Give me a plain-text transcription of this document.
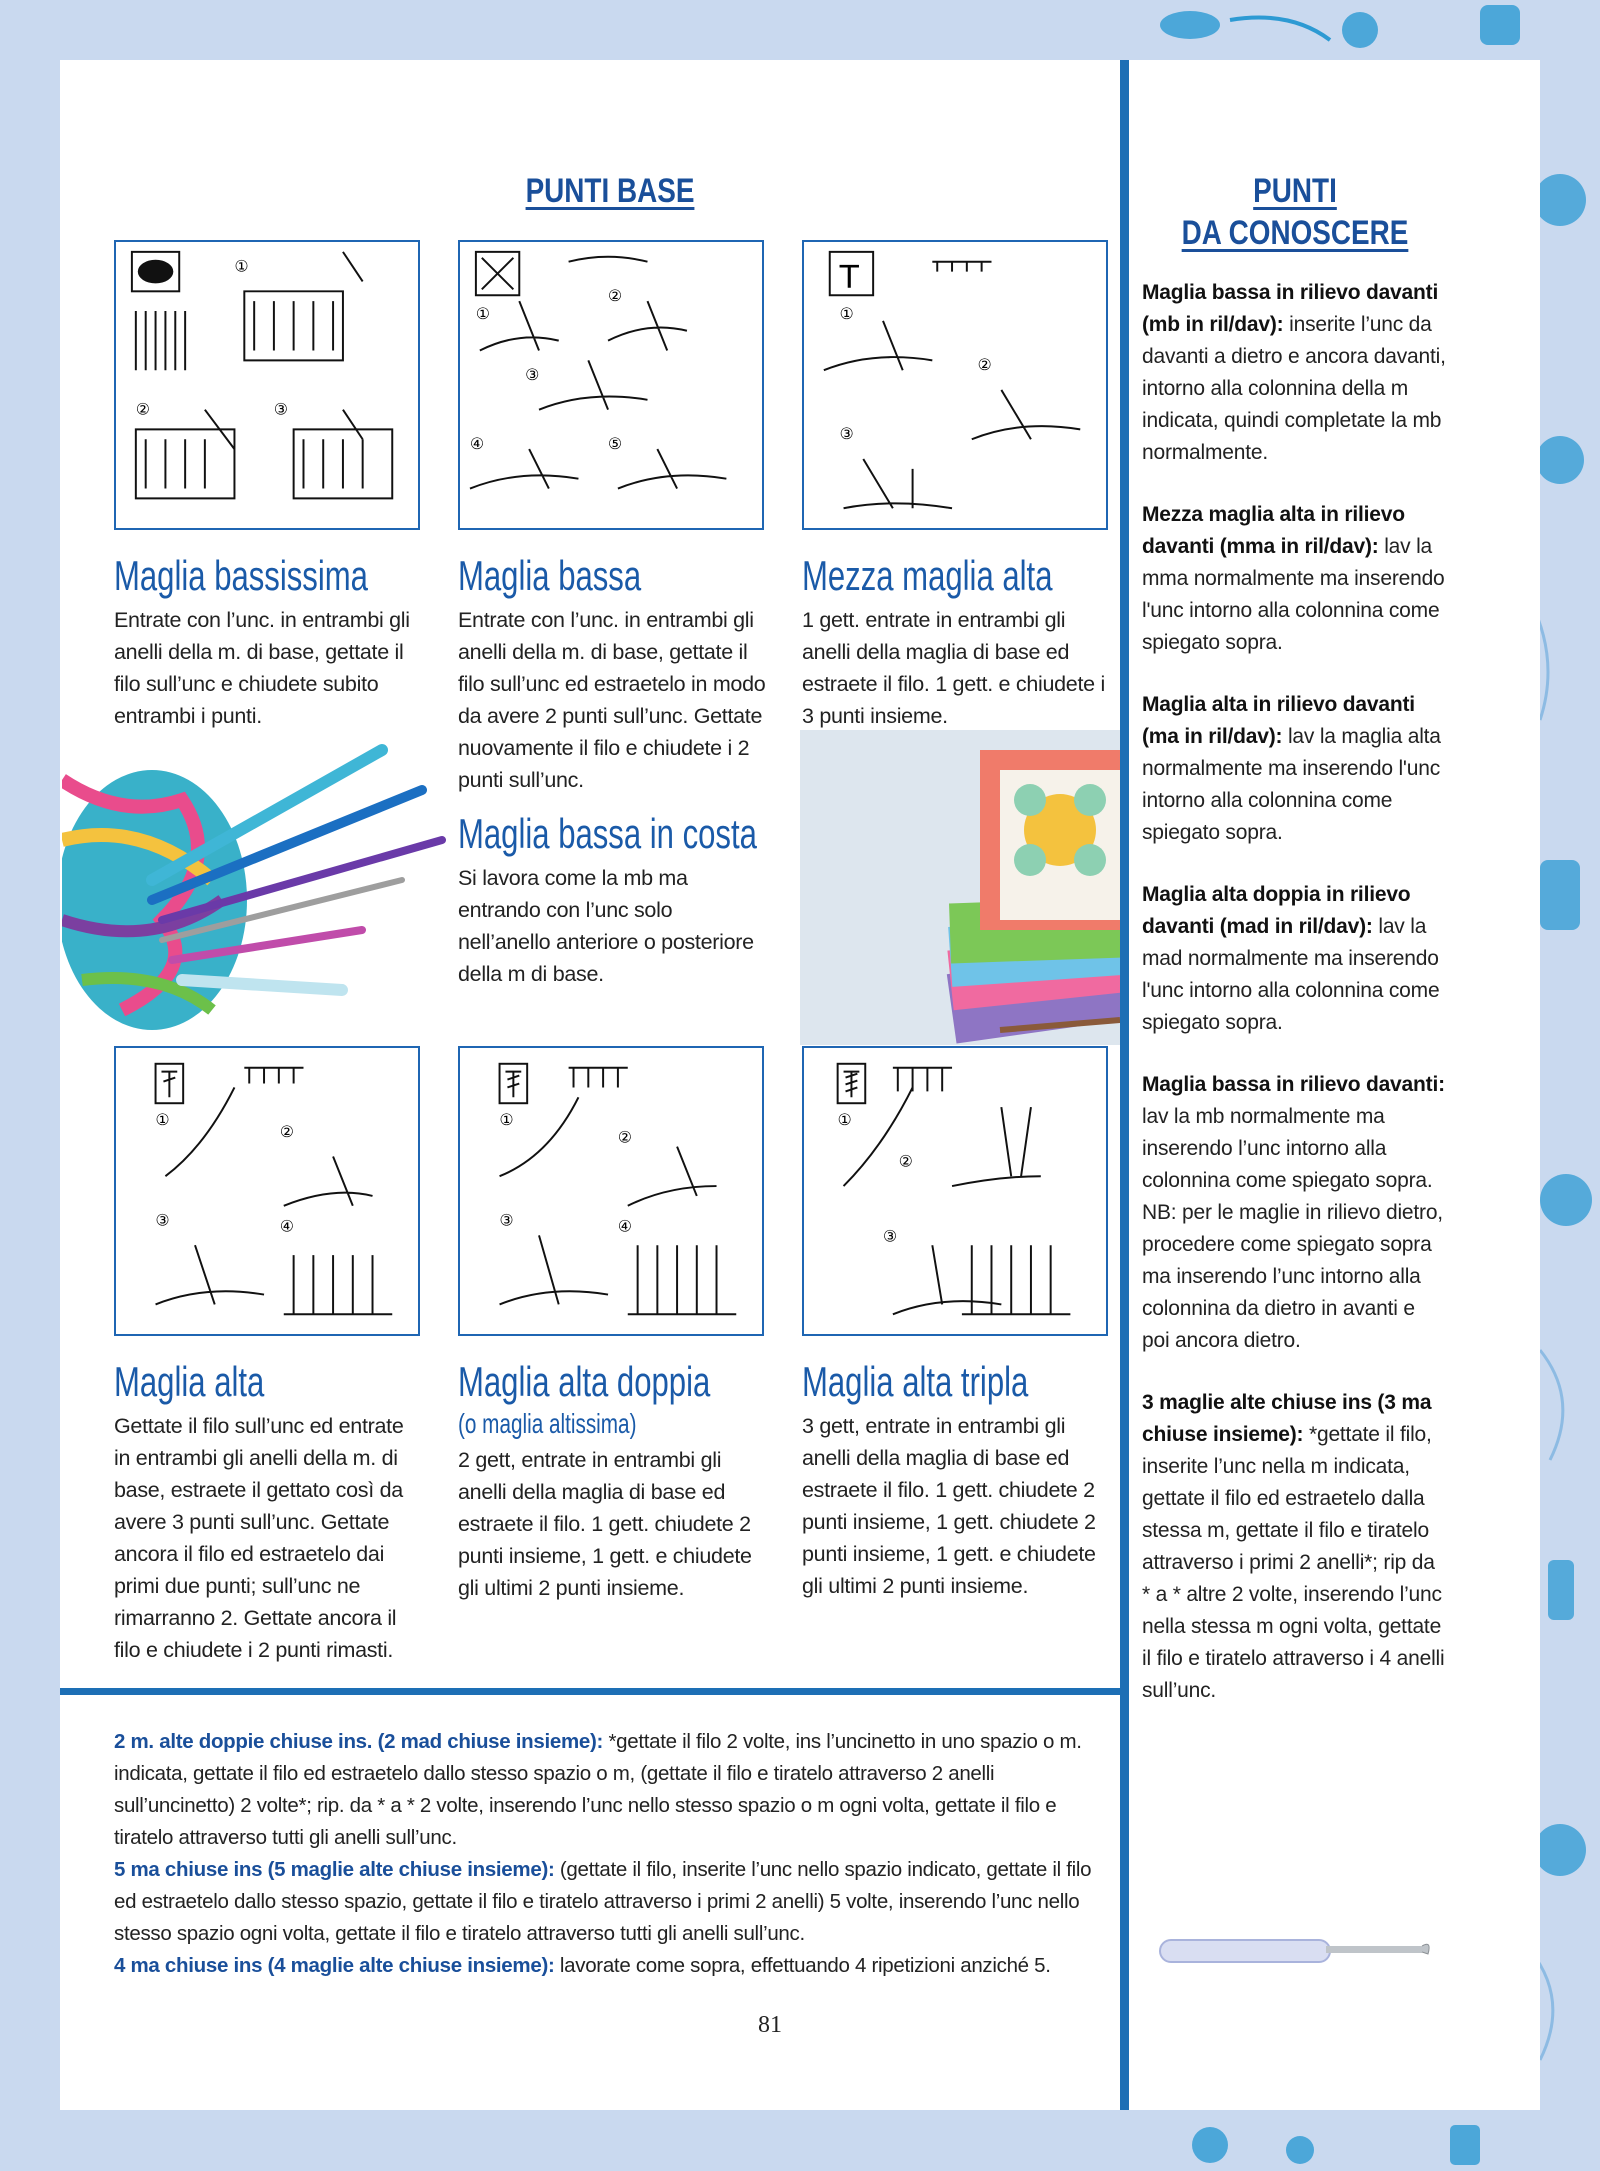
PUNTI BASE	PUNTI
DA CONOSCERE
①
②	③
①
②
③
④	⑤
T
①
②
③
Maglia bassissima

Entrate con l’unc. in entrambi gli anelli della m. di base, gettate il filo sull’unc e chiudete subito entrambi i punti.

Maglia bassa

Entrate con l’unc. in entrambi gli anelli della m. di base, gettate il filo sull’unc ed estraetelo in modo da avere 2 punti sull’unc. Gettate nuovamente il filo e chiudete i 2 punti sull’unc.

Mezza maglia alta

1 gett. entrate in entrambi gli anelli della maglia di base ed estraete il filo. 1 gett. e chiudete i 3 punti insieme.

Maglia bassa in costa

Si lavora come la mb ma entrando con l’unc solo nell’anello anteriore o posteriore della m di base.

①
②
③	④
①
②
③	④
①
②
③
Maglia alta

Gettate il filo sull’unc ed entrate in entrambi gli anelli della m. di base, estraete il gettato così da avere 3 punti sull’unc. Gettate ancora il filo ed estraetelo dai primi due punti; sull’unc ne rimarranno 2. Gettate ancora il filo e chiudete i 2 punti rimasti.

Maglia alta doppia
(o maglia altissima)

2 gett, entrate in entrambi gli anelli della maglia di base ed estraete il filo. 1 gett. chiudete 2 punti insieme, 1 gett. e chiudete gli ultimi 2 punti insieme.

Maglia alta tripla

3 gett, entrate in entrambi gli anelli della maglia di base ed estraete il filo. 1 gett. chiudete 2 punti insieme, 1 gett. chiudete 2 punti insieme, 1 gett. e chiudete gli ultimi 2 punti insieme.

Maglia bassa in rilievo davanti (mb in ril/dav): inserite l’unc da davanti a dietro e ancora davanti, intorno alla colonnina della m indicata, quindi completate la mb normalmente.

Mezza maglia alta in rilievo davanti (mma in ril/dav): lav la mma normalmente ma inserendo l'unc intorno alla colonnina come spiegato sopra.

Maglia alta in rilievo davanti (ma in ril/dav): lav la maglia alta normalmente ma inserendo l'unc intorno alla colonnina come spiegato sopra.

Maglia alta doppia in rilievo davanti (mad in ril/dav): lav la mad normalmente ma inserendo l'unc intorno alla colonnina come spiegato sopra.

Maglia bassa in rilievo davanti: lav la mb normalmente ma inserendo l’unc intorno alla colonnina come spiegato sopra.
NB: per le maglie in rilievo dietro, procedere come spiegato sopra ma inserendo l’unc intorno alla colonnina da dietro in avanti e poi ancora dietro.

3 maglie alte chiuse ins (3 ma chiuse insieme): *gettate il filo, inserite l’unc nella m indicata, gettate il filo ed estraetelo dalla stessa m, gettate il filo e tiratelo attraverso i primi 2 anelli*; rip da * a * altre 2 volte, inserendo l’unc nella stessa m ogni volta, gettate il filo e tiratelo attraverso i 4 anelli sull’unc.

2 m. alte doppie chiuse ins. (2 mad chiuse insieme): *gettate il filo 2 volte, ins l’uncinetto in uno spazio o m. indicata, gettate il filo ed estraetelo dallo stesso spazio o m, (gettate il filo e tiratelo attraverso 2 anelli sull’uncinetto) 2 volte*; rip. da * a * 2 volte, inserendo l’unc nello stesso spazio o m ogni volta, gettate il filo e tiratelo attraverso tutti gli anelli sull’unc.

5 ma chiuse ins (5 maglie alte chiuse insieme): (gettate il filo, inserite l’unc nello spazio indicato, gettate il filo ed estraetelo dallo stesso spazio, gettate il filo e tiratelo attraverso i primi 2 anelli) 5 volte, inserendo l’unc nello stesso spazio ogni volta, gettate il filo e tiratelo attraverso tutti gli anelli sull’unc.

4 ma chiuse ins (4 maglie alte chiuse insieme): lavorate come sopra, effettuando 4 ripetizioni anziché 5.

81
